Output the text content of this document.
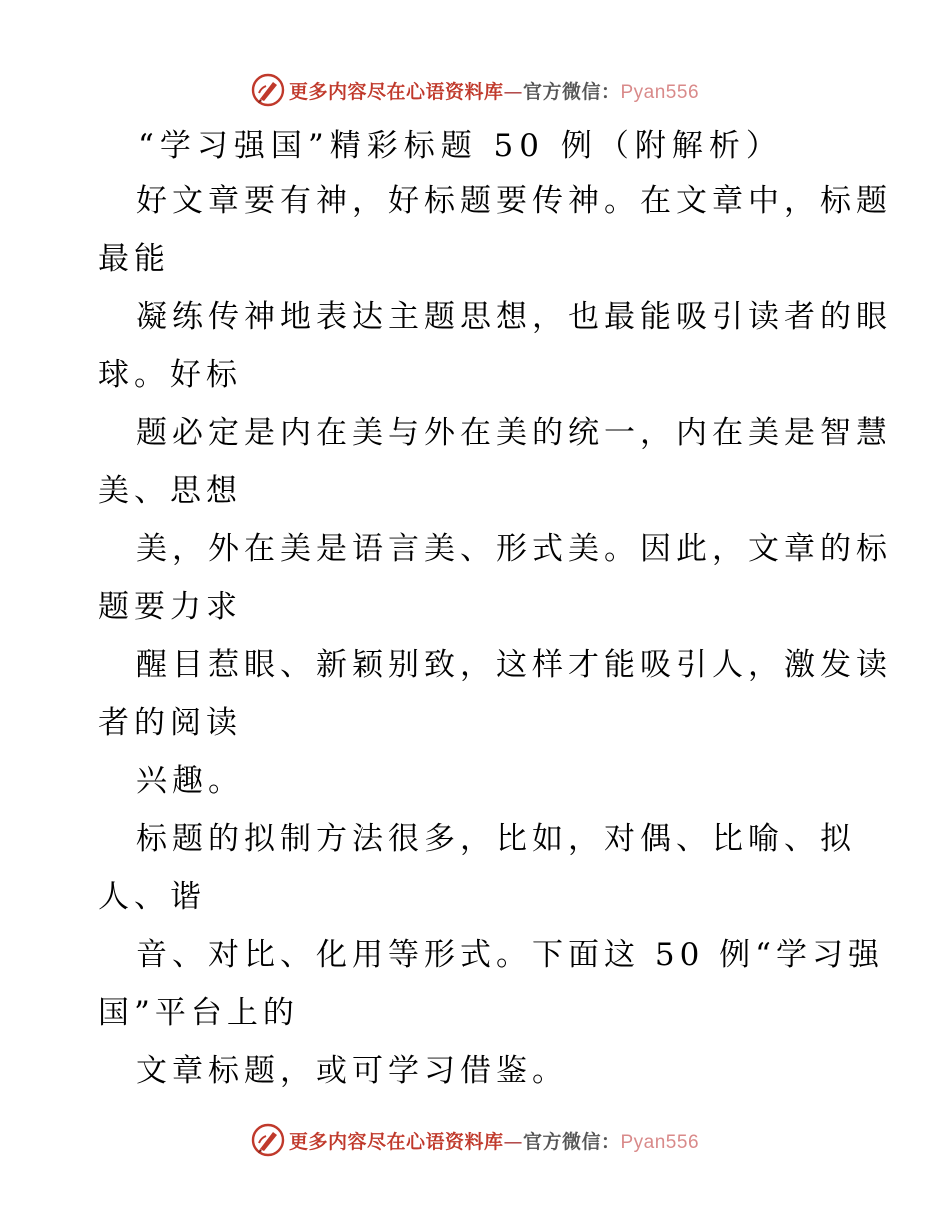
更多内容尽在心语资料库—官方微信：Pyan556
“学习强国”精彩标题 50 例（附解析）
好文章要有神，好标题要传神。在文章中，标题
最能
凝练传神地表达主题思想，也最能吸引读者的眼
球。好标
题必定是内在美与外在美的统一，内在美是智慧
美、思想
美，外在美是语言美、形式美。因此，文章的标
题要力求
醒目惹眼、新颖别致，这样才能吸引人，激发读
者的阅读
兴趣。
标题的拟制方法很多，比如，对偶、比喻、拟
人、谐
音、对比、化用等形式。下面这 50 例“学习强
国”平台上的
文章标题，或可学习借鉴。
更多内容尽在心语资料库—官方微信：Pyan556
